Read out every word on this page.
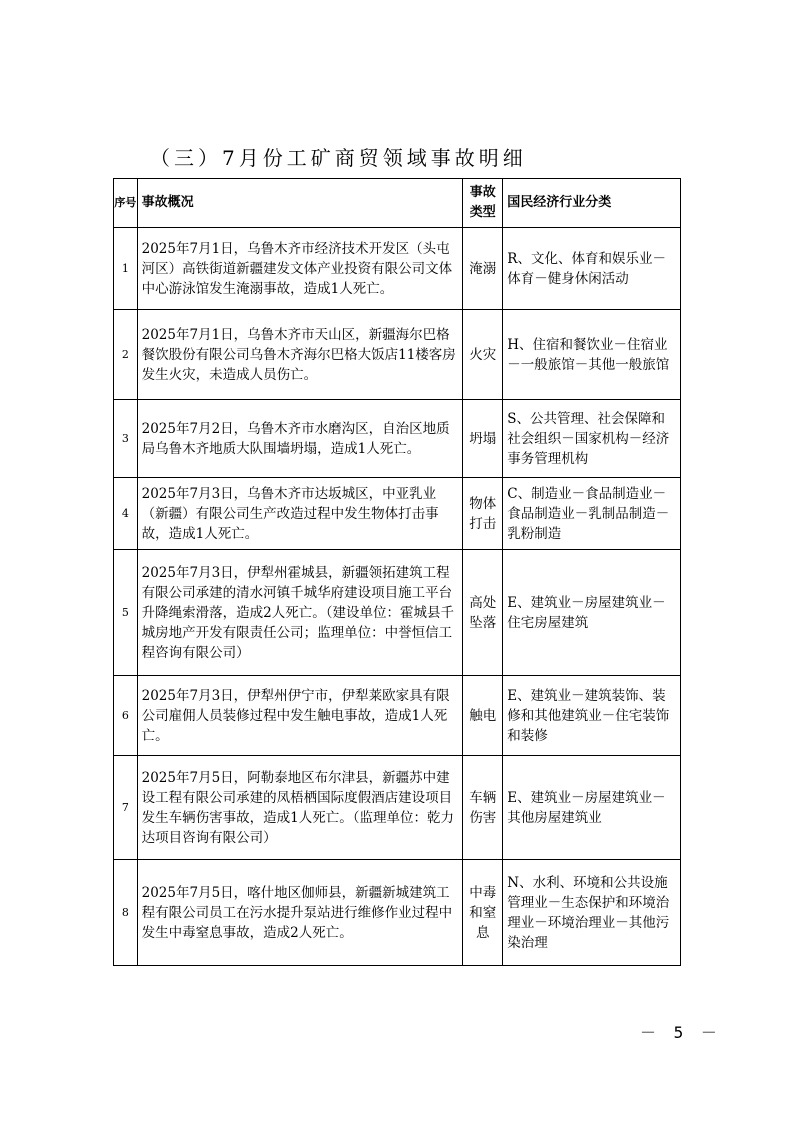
（三）7月份工矿商贸领域事故明细
序号	事故概况	事故类型	国民经济行业分类
1	2025年7月1日，乌鲁木齐市经济技术开发区（头屯河区）高铁街道新疆建发文体产业投资有限公司文体中心游泳馆发生淹溺事故，造成1人死亡。	淹溺	R、文化、体育和娱乐业－体育－健身休闲活动
2	2025年7月1日，乌鲁木齐市天山区，新疆海尔巴格餐饮股份有限公司乌鲁木齐海尔巴格大饭店11楼客房发生火灾，未造成人员伤亡。	火灾	H、住宿和餐饮业－住宿业－一般旅馆－其他一般旅馆
3	2025年7月2日，乌鲁木齐市水磨沟区，自治区地质局乌鲁木齐地质大队围墙坍塌，造成1人死亡。	坍塌	S、公共管理、社会保障和社会组织－国家机构－经济事务管理机构
4	2025年7月3日，乌鲁木齐市达坂城区，中亚乳业（新疆）有限公司生产改造过程中发生物体打击事故，造成1人死亡。	物体打击	C、制造业－食品制造业－食品制造业－乳制品制造－乳粉制造
5	2025年7月3日，伊犁州霍城县，新疆领拓建筑工程有限公司承建的清水河镇千城华府建设项目施工平台升降绳索滑落，造成2人死亡。（建设单位：霍城县千城房地产开发有限责任公司；监理单位：中誉恒信工程咨询有限公司）	高处坠落	E、建筑业－房屋建筑业－住宅房屋建筑
6	2025年7月3日，伊犁州伊宁市，伊犁莱欧家具有限公司雇佣人员装修过程中发生触电事故，造成1人死亡。	触电	E、建筑业－建筑装饰、装修和其他建筑业－住宅装饰和装修
7	2025年7月5日，阿勒泰地区布尔津县，新疆苏中建设工程有限公司承建的凤梧栖国际度假酒店建设项目发生车辆伤害事故，造成1人死亡。（监理单位：乾力达项目咨询有限公司）	车辆伤害	E、建筑业－房屋建筑业－其他房屋建筑业
8	2025年7月5日，喀什地区伽师县，新疆新城建筑工程有限公司员工在污水提升泵站进行维修作业过程中发生中毒窒息事故，造成2人死亡。	中毒和窒息	N、水利、环境和公共设施管理业－生态保护和环境治理业－环境治理业－其他污染治理
－ 5 －
